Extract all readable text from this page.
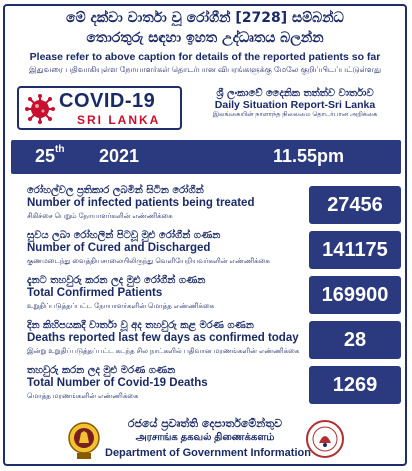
මේ දක්වා වාර්තා වූ රෝගීන් [2728] සම්බන්ධ
තොරතුරු සඳහා ඉහත උද්ධෘතය බලන්න
Please refer to above caption for details of the reported patients so far
இதுவரை பதிவாகியுள்ள நோயாளர்கள் தொடர்பான விபரங்களுக்கு மேலே குறிப்பிடப்பட்டுள்ளது
COVID-19
SRI LANKA
ශ්‍රී ලංකාවේ දෛනික තත්ත්ව වාර්තාව
Daily Situation Report-Sri Lanka
இலங்கையின் நாளாந்த நிலைமை தொடர்பான அறிக்கை
25th 2021	11.55pm
රෝහල්වල ප්‍රතිකාර ලබමින් සිටින රෝගීන්
Number of infected patients being treated
சிகிச்சை பெறும் நோயாளர்களின் எண்ணிக்கை
27456
සුවය ලබා රෝහලින් පිටවූ මුළු රෝගීන් ගණන
Number of Cured and Discharged
குணமடைந்து வைத்தியசாலையிலிருந்து வெளியேறியவர்களின் எண்ணிக்கை
141175
දැනට තහවුරු කරන ලද මුළු රෝගීන් ගණන
Total Confirmed Patients
உறுதிப்படுத்தப்பட்ட நோயாளர்களின் மொத்த எண்ணிக்கை
169900
දින කිහිපයකදී වාර්තා වූ අද තහවුරු කළ මරණ ගණන
Deaths reported last few days as confirmed today
இன்று உறுதிப்படுத்தப்பட்ட கடந்த சில நாட்களில் பதிவான மரணங்களின் எண்ணிக்கை
28
තහවුරු කරන ලද මුළු මරණ ගණන
Total Number of Covid-19 Deaths
மொத்த மரணங்களின் எண்ணிக்கை
1269
රජයේ ප්‍රවෘත්ති දෙපාර්තමේන්තුව
அரசாங்க தகவல் திணைக்களம்
Department of Government Information
